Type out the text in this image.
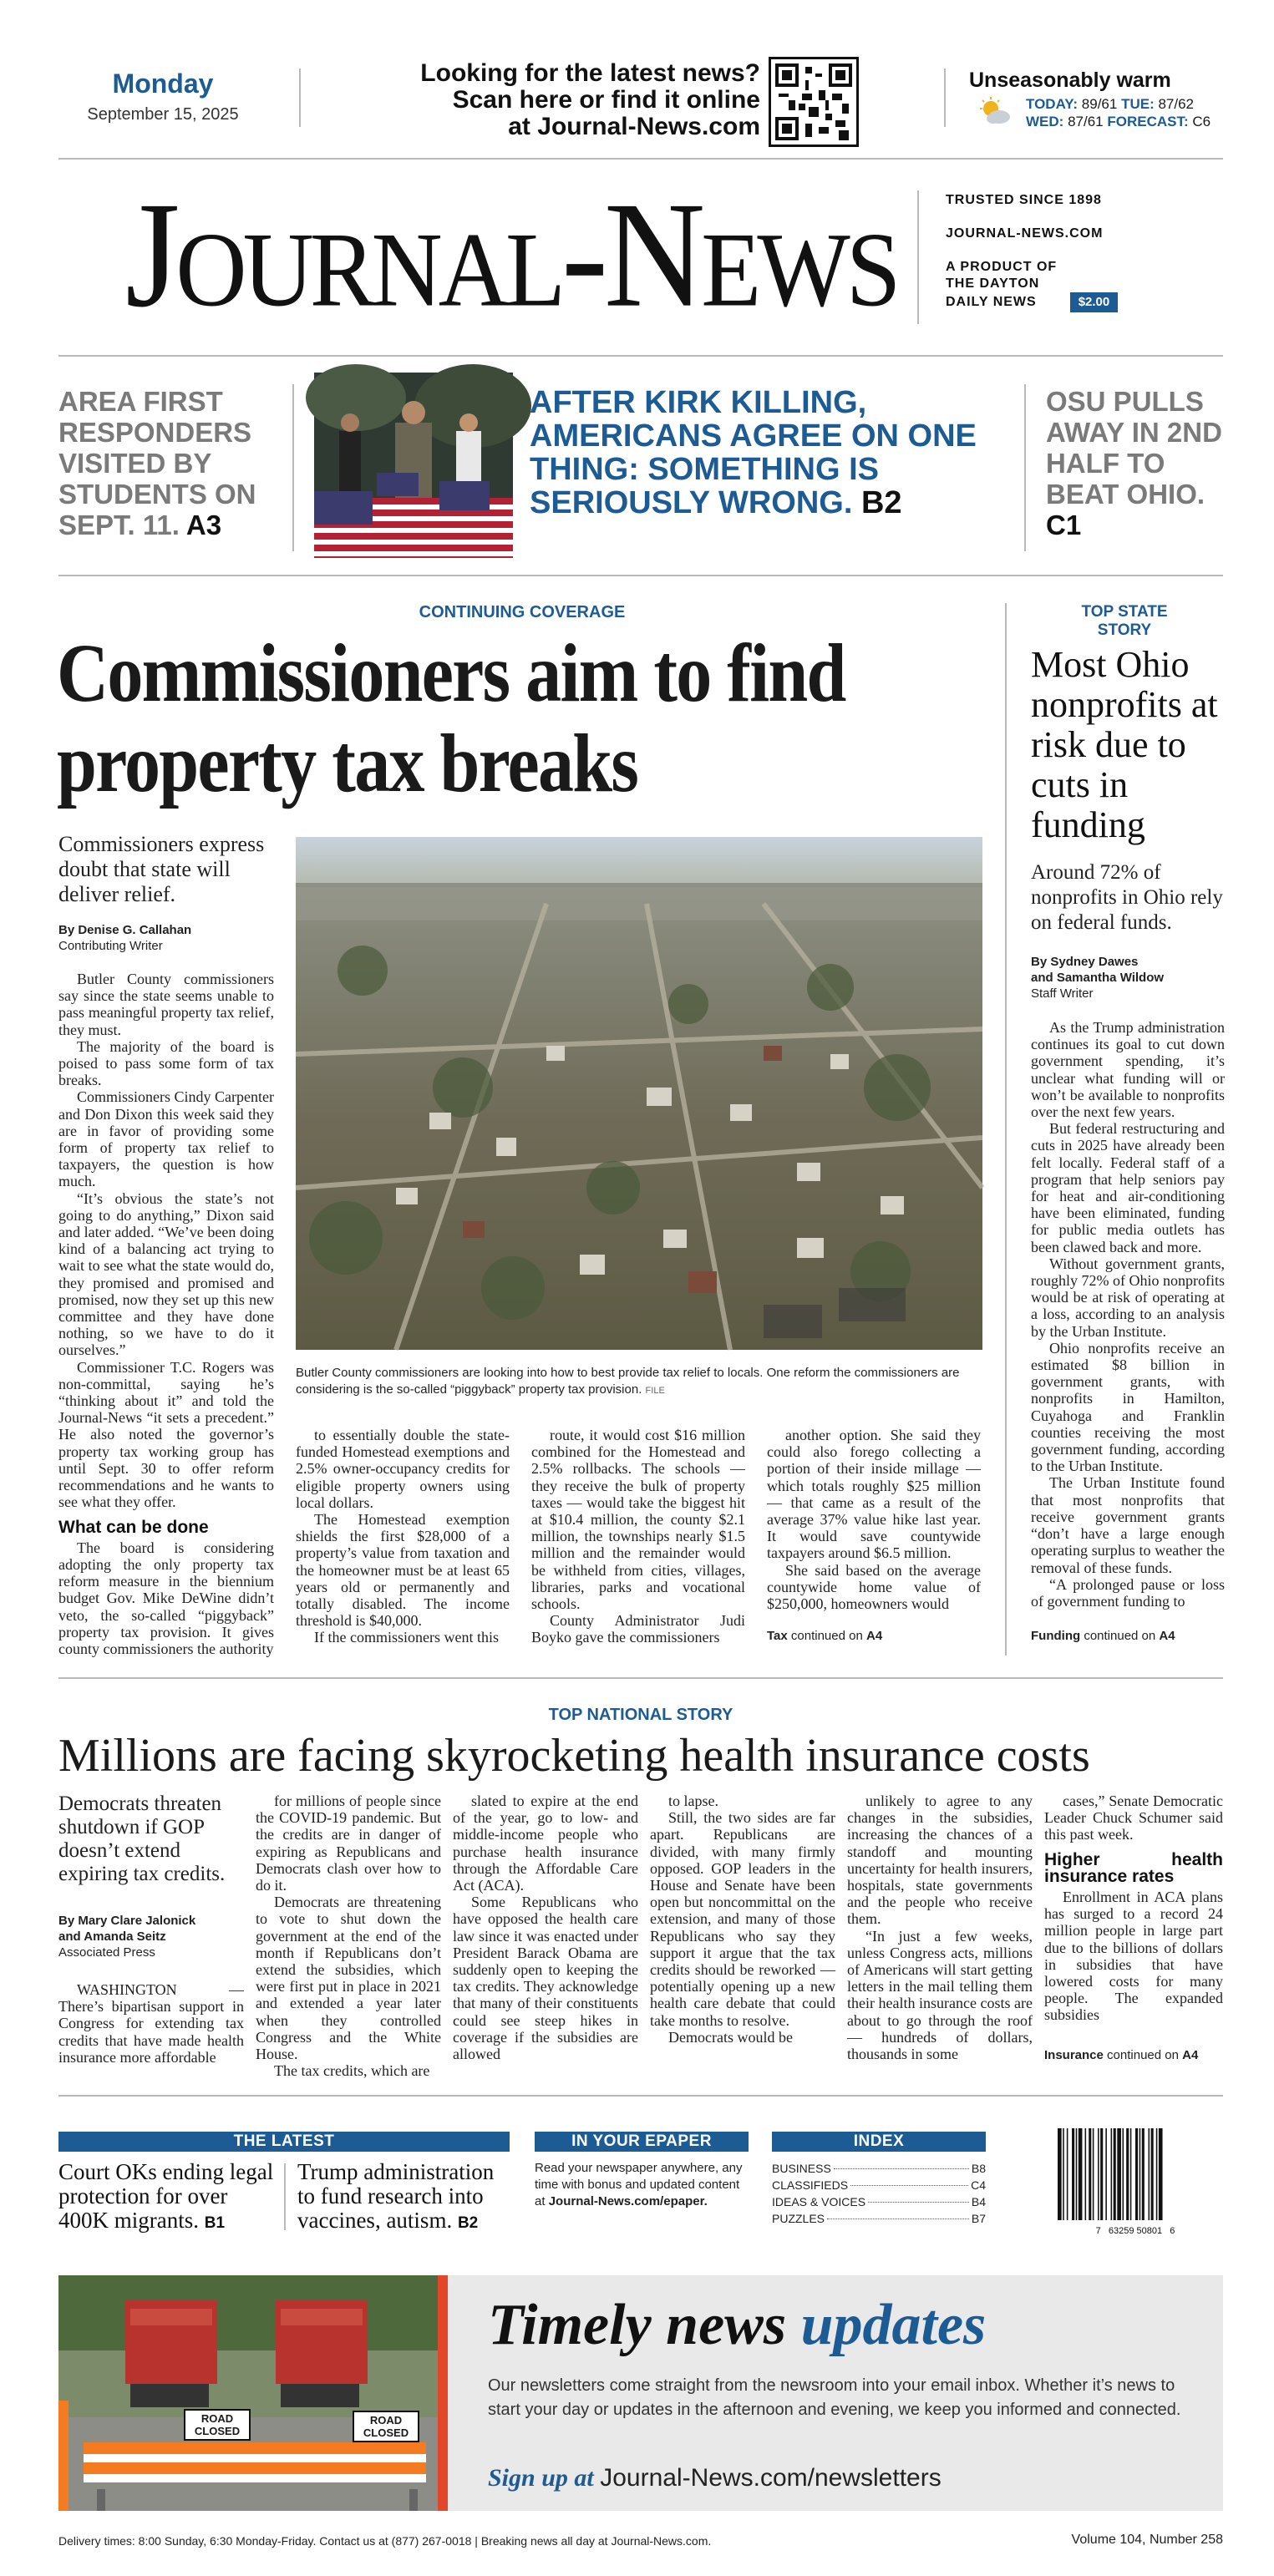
Monday
September 15, 2025
Looking for the latest news?
Scan here or find it online
at Journal-News.com
Unseasonably warm
TODAY: 89/61 TUE: 87/62
WED: 87/61 FORECAST: C6
Journal-News	TRUSTED SINCE 1898
JOURNAL-NEWS.COM
A PRODUCT OF
THE DAYTON
DAILY NEWS	$2.00
AREA FIRST RESPONDERS VISITED BY STUDENTS ON SEPT. 11. A3
AFTER KIRK KILLING, AMERICANS AGREE ON ONE THING: SOMETHING IS SERIOUSLY WRONG. B2
OSU PULLS AWAY IN 2ND HALF TO BEAT OHIO. C1
CONTINUING COVERAGE
Commissioners aim to find property tax breaks
Commissioners express doubt that state will deliver relief.
By Denise G. Callahan
Contributing Writer

Butler County commissioners say since the state seems unable to pass meaningful property tax relief, they must.

The majority of the board is poised to pass some form of tax breaks.

Commissioners Cindy Carpenter and Don Dixon this week said they are in favor of providing some form of property tax relief to taxpayers, the question is how much.

“It’s obvious the state’s not going to do anything,” Dixon said and later added. “We’ve been doing kind of a balancing act trying to wait to see what the state would do, they promised and promised and promised, now they set up this new committee and they have done nothing, so we have to do it ourselves.”

Commissioner T.C. Rogers was non-committal, saying he’s “thinking about it” and told the Journal-News “it sets a precedent.” He also noted the governor’s property tax working group has until Sept. 30 to offer reform recommendations and he wants to see what they offer.

What can be done

The board is considering adopting the only property tax reform measure in the biennium budget Gov. Mike DeWine didn’t veto, the so-called “piggyback” property tax provision. It gives county commissioners the authority

Butler County commissioners are looking into how to best provide tax relief to locals. One reform the commissioners are considering is the so-called “piggyback” property tax provision. FILE

to essentially double the state-funded Homestead exemptions and 2.5% owner-occupancy credits for eligible property owners using local dollars.

The Homestead exemption shields the first $28,000 of a property’s value from taxation and the homeowner must be at least 65 years old or permanently and totally disabled. The income threshold is $40,000.

If the commissioners went this

route, it would cost $16 million combined for the Homestead and 2.5% rollbacks. The schools — they receive the bulk of property taxes — would take the biggest hit at $10.4 million, the county $2.1 million, the townships nearly $1.5 million and the remainder would be withheld from cities, villages, libraries, parks and vocational schools.

County Administrator Judi Boyko gave the commissioners

another option. She said they could also forego collecting a portion of their inside millage — which totals roughly $25 million — that came as a result of the average 37% value hike last year. It would save countywide taxpayers around $6.5 million.

She said based on the average countywide home value of $250,000, homeowners would

Tax continued on A4
TOP STATE
STORY
Most Ohio nonprofits at risk due to cuts in funding
Around 72% of nonprofits in Ohio rely on federal funds.
By Sydney Dawes
and Samantha Wildow
Staff Writer

As the Trump administration continues its goal to cut down government spending, it’s unclear what funding will or won’t be available to nonprofits over the next few years.

But federal restructuring and cuts in 2025 have already been felt locally. Federal staff of a program that help seniors pay for heat and air-conditioning have been eliminated, funding for public media outlets has been clawed back and more.

Without government grants, roughly 72% of Ohio nonprofits would be at risk of operating at a loss, according to an analysis by the Urban Institute.

Ohio nonprofits receive an estimated $8 billion in government grants, with nonprofits in Hamilton, Cuyahoga and Franklin counties receiving the most government funding, according to the Urban Institute.

The Urban Institute found that most nonprofits that receive government grants “don’t have a large enough operating surplus to weather the removal of these funds.

“A prolonged pause or loss of government funding to

Funding continued on A4
TOP NATIONAL STORY
Millions are facing skyrocketing health insurance costs
Democrats threaten shutdown if GOP doesn’t extend expiring tax credits.
By Mary Clare Jalonick
and Amanda Seitz
Associated Press

WASHINGTON — There’s bipartisan support in Congress for extending tax credits that have made health insurance more affordable

for millions of people since the COVID-19 pandemic. But the credits are in danger of expiring as Republicans and Democrats clash over how to do it.

Democrats are threatening to vote to shut down the government at the end of the month if Republicans don’t extend the subsidies, which were first put in place in 2021 and extended a year later when they controlled Congress and the White House.

The tax credits, which are

slated to expire at the end of the year, go to low- and middle-income people who purchase health insurance through the Affordable Care Act (ACA).

Some Republicans who have opposed the health care law since it was enacted under President Barack Obama are suddenly open to keeping the tax credits. They acknowledge that many of their constituents could see steep hikes in coverage if the subsidies are allowed

to lapse.

Still, the two sides are far apart. Republicans are divided, with many firmly opposed. GOP leaders in the House and Senate have been open but noncommittal on the extension, and many of those Republicans who say they support it argue that the tax credits should be reworked — potentially opening up a new health care debate that could take months to resolve.

Democrats would be

unlikely to agree to any changes in the subsidies, increasing the chances of a standoff and mounting uncertainty for health insurers, hospitals, state governments and the people who receive them.

“In just a few weeks, unless Congress acts, millions of Americans will start getting letters in the mail telling them their health insurance costs are about to go through the roof — hundreds of dollars, thousands in some

cases,” Senate Democratic Leader Chuck Schumer said this past week.

Higher health insurance rates

Enrollment in ACA plans has surged to a record 24 million people in large part due to the billions of dollars in subsidies that have lowered costs for many people. The expanded subsidies

Insurance continued on A4
THE LATEST
Court OKs ending legal protection for over 400K migrants. B1
Trump administration to fund research into vaccines, autism. B2
IN YOUR EPAPER
Read your newspaper anywhere, any time with bonus and updated content at Journal-News.com/epaper.
INDEX
BUSINESS	B8
CLASSIFIEDS	C4
IDEAS & VOICES	B4
PUZZLES	B7
7   63259 50801   6
ROAD CLOSED
ROAD CLOSED
Timely news updates
Our newsletters come straight from the newsroom into your email inbox. Whether it’s news to start your day or updates in the afternoon and evening, we keep you informed and connected.
Sign up at Journal-News.com/newsletters
Delivery times: 8:00 Sunday, 6:30 Monday-Friday. Contact us at (877) 267-0018 | Breaking news all day at Journal-News.com.	Volume 104, Number 258
